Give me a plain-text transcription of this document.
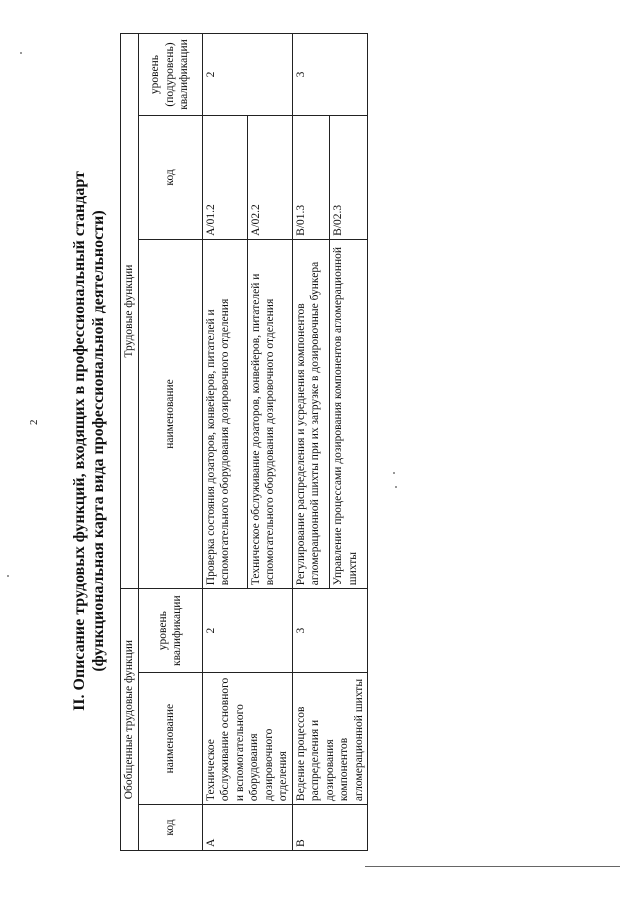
2 II. Описание трудовых функций, входящих в профессиональный стандарт (функциональная карта вида профессиональной деятельности)
Обобщенные трудовые функции			Трудовые функции		
код	наименование	уровень квалификации	наименование	код	уровень (подуровень) квалификации
A	Техническое обслуживание основного и вспомогательного оборудования дозировочного отделения	2	Проверка состояния дозаторов, конвейеров, питателей и вспомогательного оборудования дозировочного отделения	A/01.2	2
			Техническое обслуживание дозаторов, конвейеров, питателей и вспомогательного оборудования дозировочного отделения	A/02.2	
B	Ведение процессов распределения и дозирования компонентов агломерационной шихты	3	Регулирование распределения и усреднения компонентов агломерационной шихты при их загрузке в дозировочные бункера	B/01.3	3
			Управление процессами дозирования компонентов агломерационной шихты	B/02.3	
